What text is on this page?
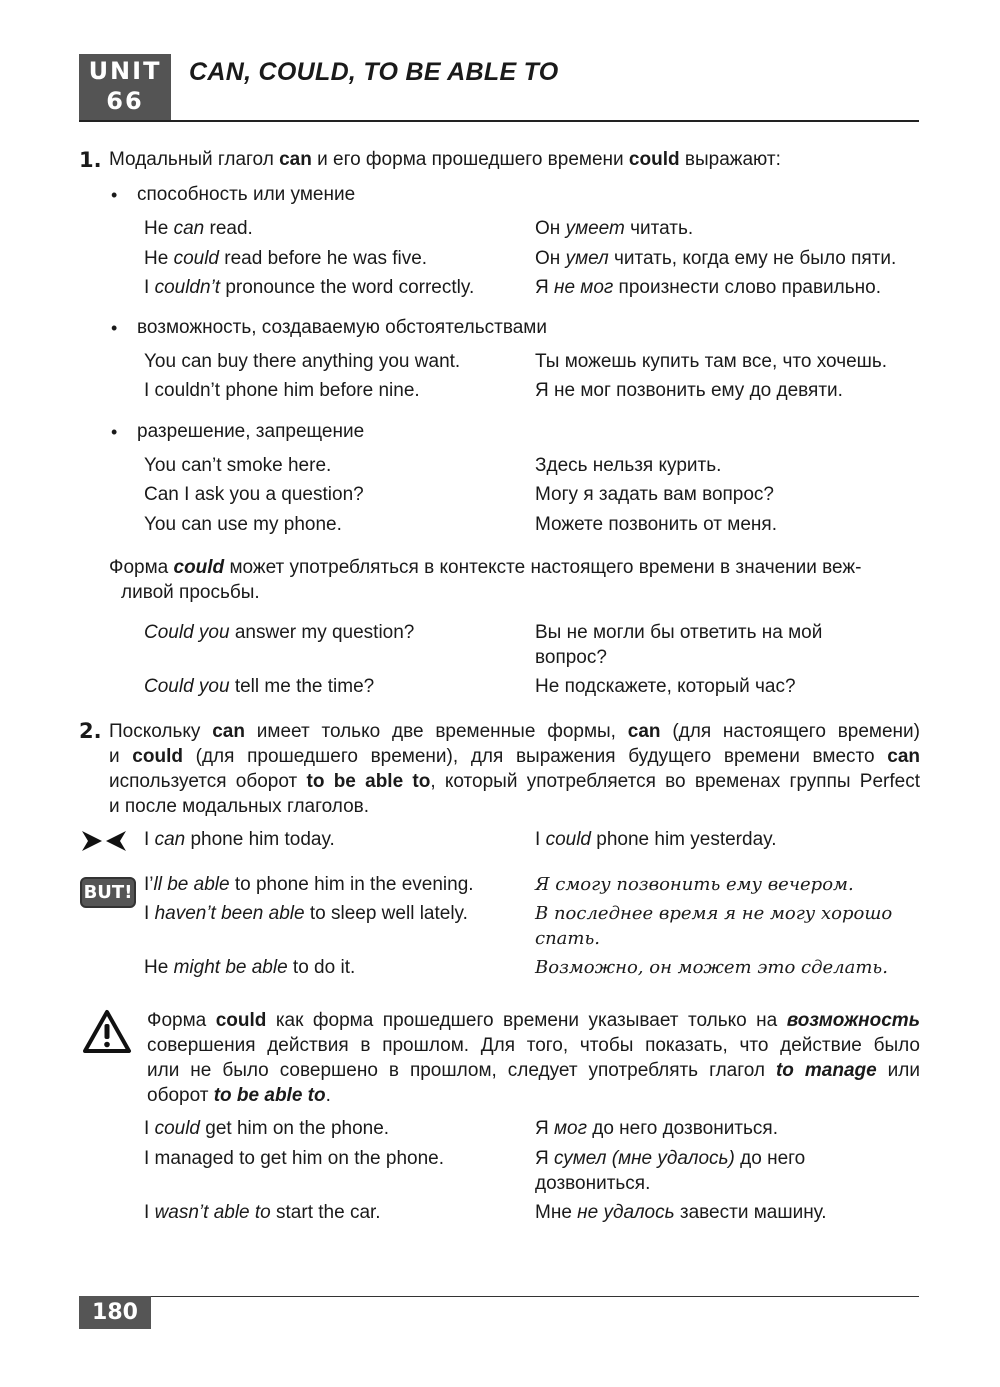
UNIT
66
CAN, COULD, TO BE ABLE TO
1. Модальный глагол can и его форма прошедшего времени could выражают:
• способность или умение
He can read.	Он умеет читать.
He could read before he was five.	Он умел читать, когда ему не было пяти.
I couldn’t pronounce the word correctly.	Я не мог произнести слово правильно.
• возможность, создаваемую обстоятельствами
You can buy there anything you want.	Ты можешь купить там все, что хочешь.
I couldn’t phone him before nine.	Я не мог позвонить ему до девяти.
• разрешение, запрещение
You can’t smoke here.	Здесь нельзя курить.
Can I ask you a question?	Могу я задать вам вопрос?
You can use my phone.	Можете позвонить от меня.
Форма could может употребляться в контексте настоящего времени в значении веж-
ливой просьбы.
Could you answer my question?	Вы не могли бы ответить на мой
вопрос?
Could you tell me the time?	Не подскажете, который час?
2. Поскольку can имеет только две временные формы, can (для настоящего времени)
и could (для прошедшего времени), для выражения будущего времени вместо can
используется оборот to be able to, который употребляется во временах группы Perfect
и после модальных глаголов.
I can phone him today.	I could phone him yesterday.
BUT! I’ll be able to phone him in the evening.	Я смогу позвонить ему вечером.
I haven’t been able to sleep well lately.	В последнее время я не могу хорошо
спать.
He might be able to do it.	Возможно, он может это сделать.
Форма could как форма прошедшего времени указывает только на возможность
совершения действия в прошлом. Для того, чтобы показать, что действие было
или не было совершено в прошлом, следует употреблять глагол to manage или
оборот to be able to.
I could get him on the phone.	Я мог до него дозвониться.
I managed to get him on the phone.	Я сумел (мне удалось) до него
дозвониться.
I wasn’t able to start the car.	Мне не удалось завести машину.
180
